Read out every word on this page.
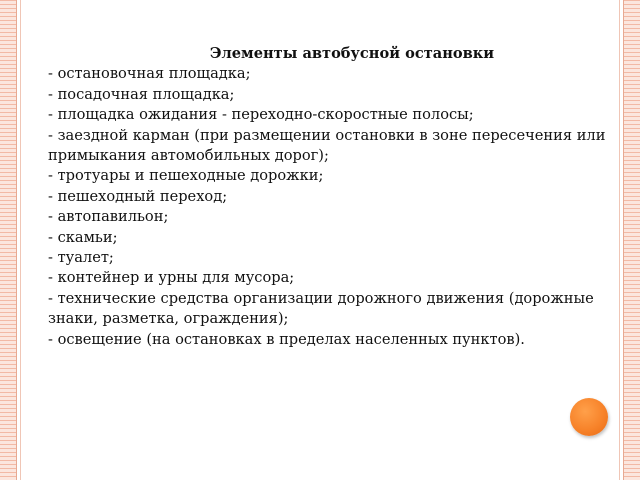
Элементы автобусной остановки

- остановочная площадка;
- посадочная площадка;
- площадка ожидания - переходно-скоростные полосы;
- заездной карман (при размещении остановки в зоне пересечения или примыкания автомобильных дорог);
- тротуары и пешеходные дорожки;
- пешеходный переход;
- автопавильон;
- скамьи;
- туалет;
- контейнер и урны для мусора;
- технические средства организации дорожного движения (дорожные знаки, разметка, ограждения);
- освещение (на остановках в пределах населенных пунктов).
